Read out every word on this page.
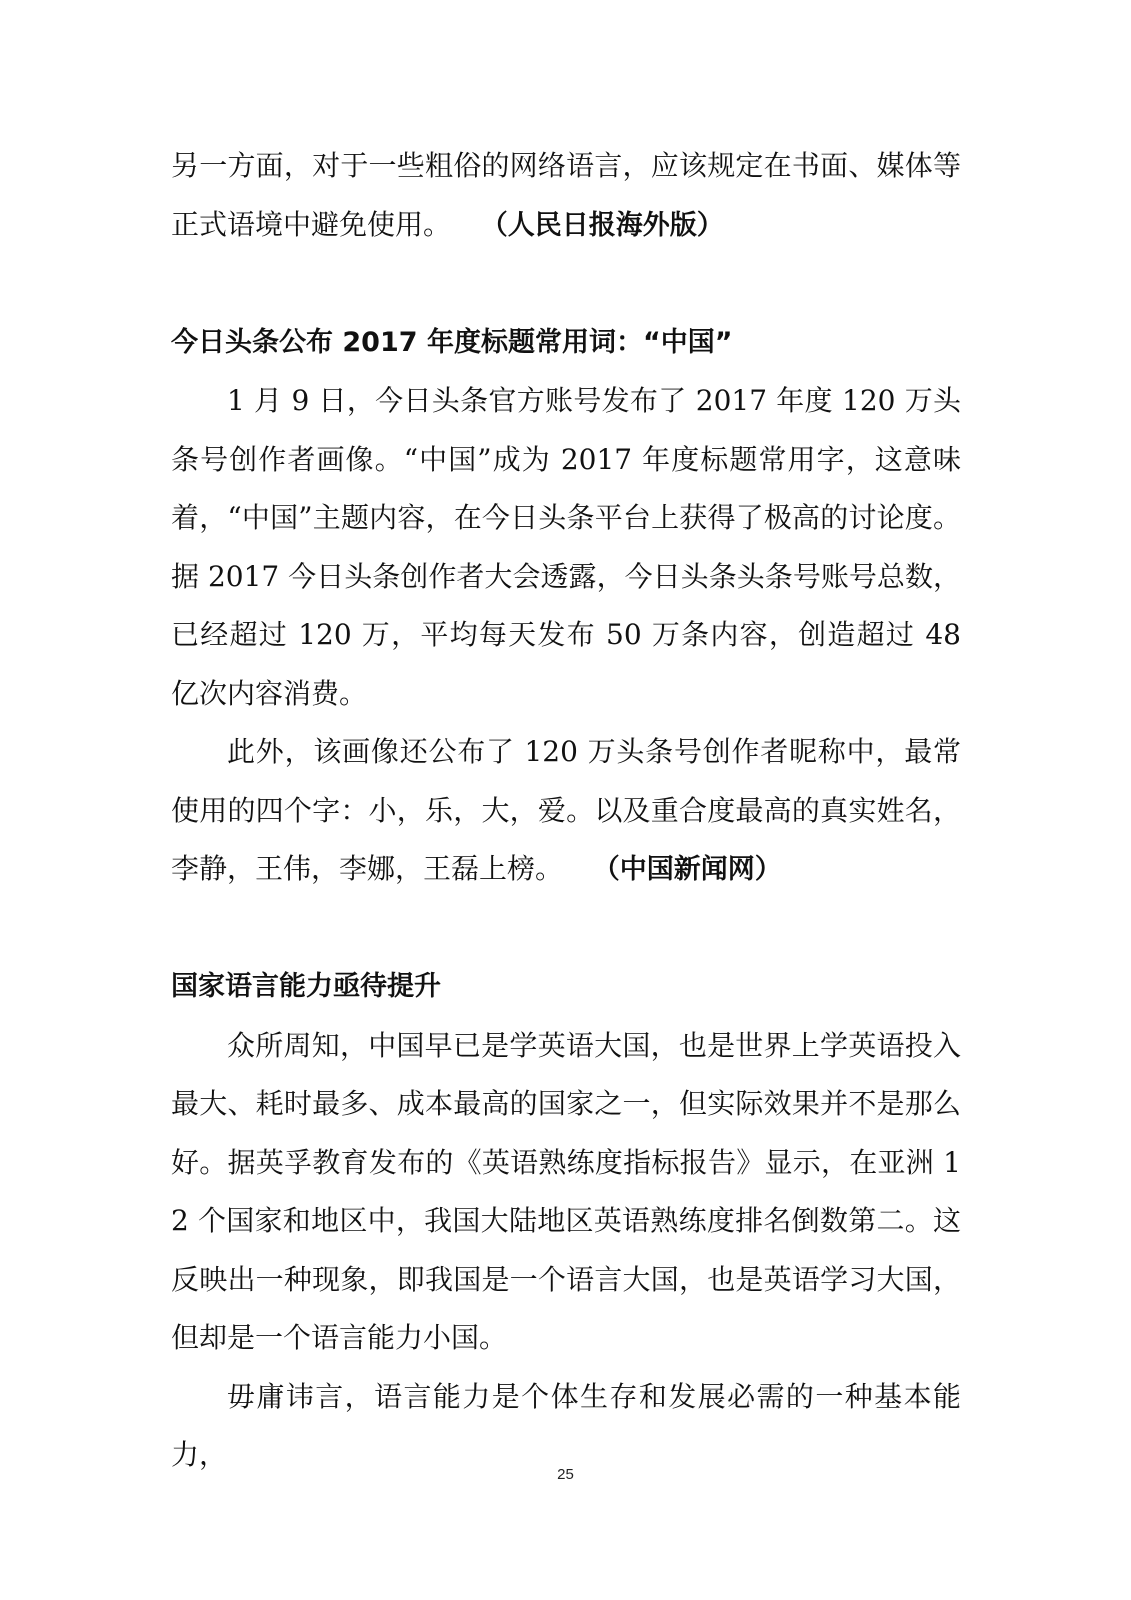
另一方面，对于一些粗俗的网络语言，应该规定在书面、媒体等正式语境中避免使用。 （人民日报海外版）

今日头条公布 2017 年度标题常用词：“中国”

1 月 9 日，今日头条官方账号发布了 2017 年度 120 万头条号创作者画像。“中国”成为 2017 年度标题常用字，这意味着，“中国”主题内容，在今日头条平台上获得了极高的讨论度。据 2017 今日头条创作者大会透露，今日头条头条号账号总数，已经超过 120 万，平均每天发布 50 万条内容，创造超过 48 亿次内容消费。

此外，该画像还公布了 120 万头条号创作者昵称中，最常使用的四个字：小，乐，大，爱。以及重合度最高的真实姓名，李静，王伟，李娜，王磊上榜。 （中国新闻网）

国家语言能力亟待提升

众所周知，中国早已是学英语大国，也是世界上学英语投入最大、耗时最多、成本最高的国家之一，但实际效果并不是那么好。据英孚教育发布的《英语熟练度指标报告》显示，在亚洲 12 个国家和地区中，我国大陆地区英语熟练度排名倒数第二。这反映出一种现象，即我国是一个语言大国，也是英语学习大国，但却是一个语言能力小国。

毋庸讳言，语言能力是个体生存和发展必需的一种基本能力，

25
